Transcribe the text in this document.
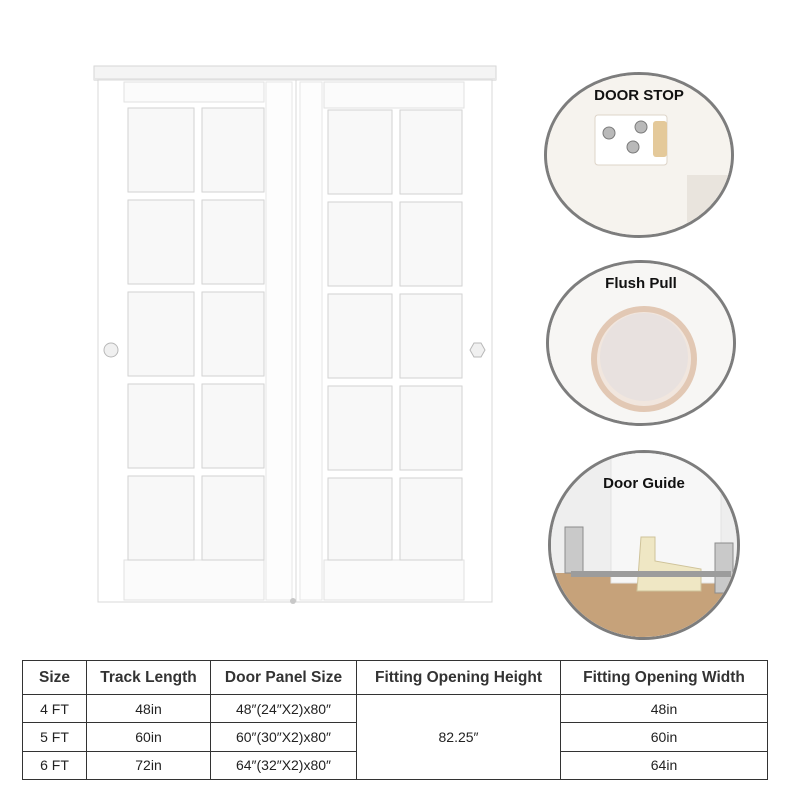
DOOR STOP
Flush Pull
Door Guide
Size	Track Length	Door Panel Size	Fitting Opening Height	Fitting Opening Width
4 FT	48in	48″(24″X2)x80″	82.25″	48in
5 FT	60in	60″(30″X2)x80″		60in
6 FT	72in	64″(32″X2)x80″		64in
